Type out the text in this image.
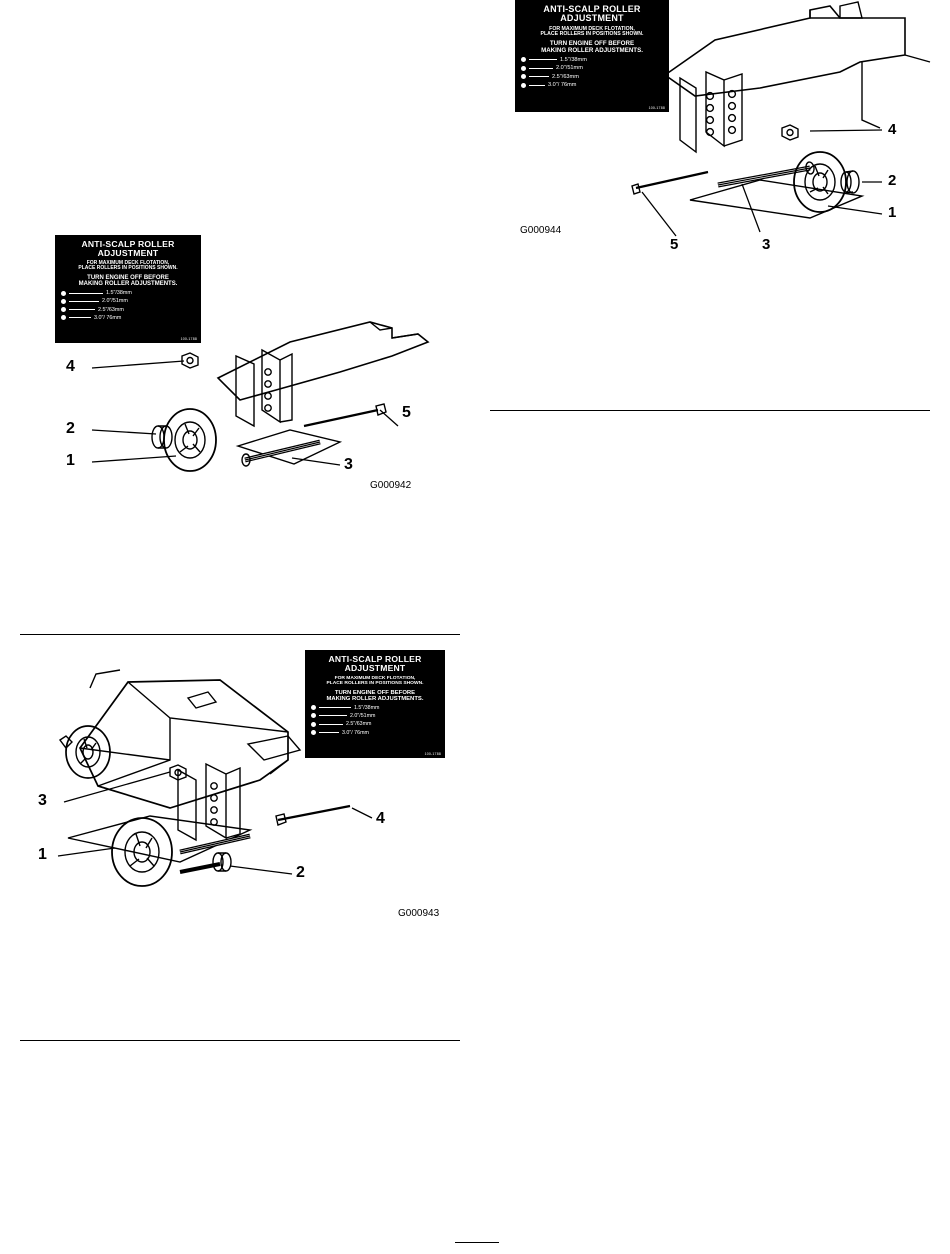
ANTI-SCALP ROLLER
ADJUSTMENT
FOR MAXIMUM DECK FLOTATION,
PLACE ROLLERS IN POSITIONS SHOWN.
TURN ENGINE OFF BEFORE
MAKING ROLLER ADJUSTMENTS.
1.5"/38mm
2.0"/51mm
2.5"/63mm
3.0"/ 76mm
100-1788
4
2
1
5	3
G000944
ANTI-SCALP ROLLER
ADJUSTMENT
FOR MAXIMUM DECK FLOTATION,
PLACE ROLLERS IN POSITIONS SHOWN.
TURN ENGINE OFF BEFORE
MAKING ROLLER ADJUSTMENTS.
1.5"/38mm
2.0"/51mm
2.5"/63mm
3.0"/ 76mm
100-1788
4
2
1
5
3
G000942
ANTI-SCALP ROLLER
ADJUSTMENT
FOR MAXIMUM DECK FLOTATION,
PLACE ROLLERS IN POSITIONS SHOWN.
TURN ENGINE OFF BEFORE
MAKING ROLLER ADJUSTMENTS.
1.5"/38mm
2.0"/51mm
2.5"/63mm
3.0"/ 76mm
100-1788
3
4
1
2
G000943
